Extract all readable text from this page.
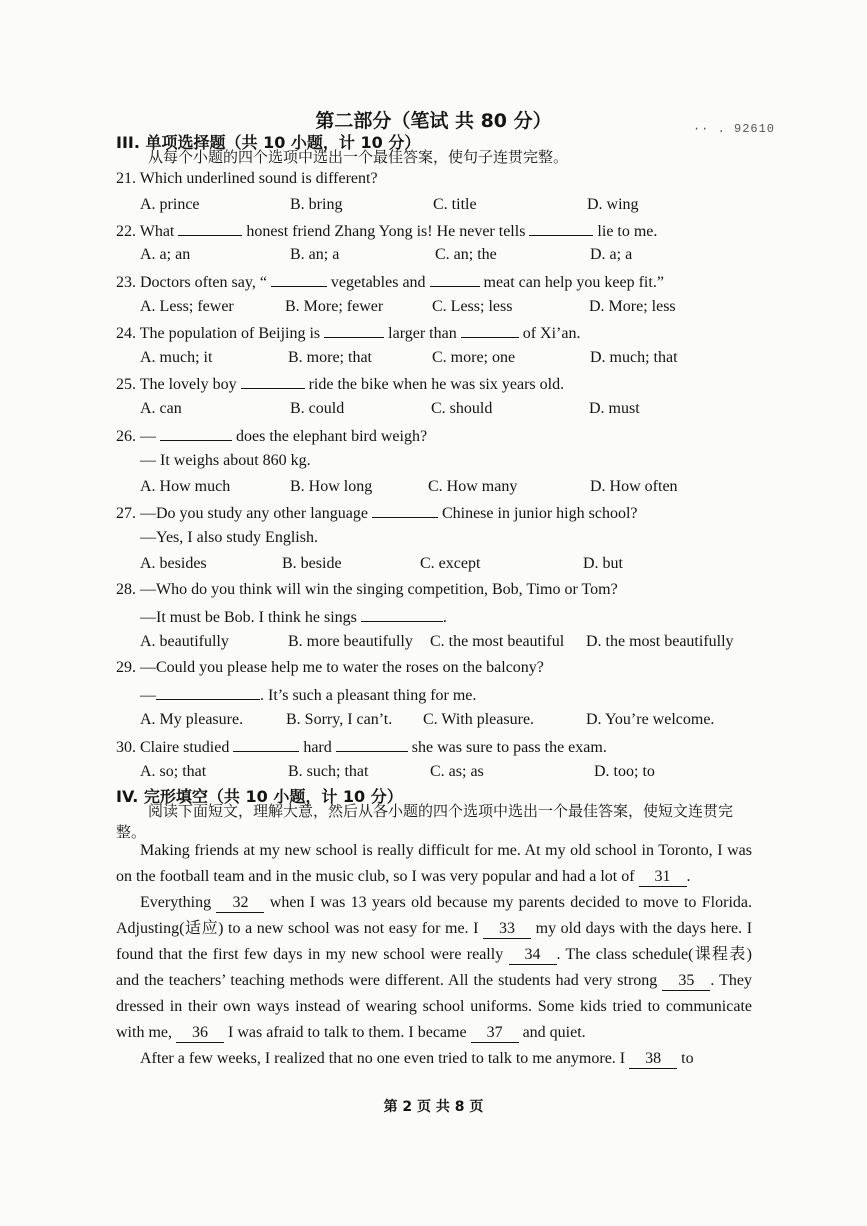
第二部分（笔试 共 80 分）	·· . 92610
III. 单项选择题（共 10 小题，计 10 分）
从每个小题的四个选项中选出一个最佳答案，使句子连贯完整。
21. Which underlined sound is different?
A. prince	B. bring	C. title	D. wing
22. What	honest friend Zhang Yong is! He never tells	lie to me.
A. a; an	B. an; a	C. an; the	D. a; a
23. Doctors often say, “	vegetables and	meat can help you keep fit.”
A. Less; fewer	B. More; fewer	C. Less; less	D. More; less
24. The population of Beijing is	larger than	of Xi’an.
A. much; it	B. more; that	C. more; one	D. much; that
25. The lovely boy	ride the bike when he was six years old.
A. can	B. could	C. should	D. must
26. —	does the elephant bird weigh?
— It weighs about 860 kg.
A. How much	B. How long	C. How many	D. How often
27. —Do you study any other language	Chinese in junior high school?
—Yes, I also study English.
A. besides	B. beside	C. except	D. but
28. —Who do you think will win the singing competition, Bob, Timo or Tom?
—It must be Bob. I think he sings	.
A. beautifully	B. more beautifully C. the most beautiful D. the most beautifully
29. —Could you please help me to water the roses on the balcony?
—	. It’s such a pleasant thing for me.
A. My pleasure.	B. Sorry, I can’t. C. With pleasure.	D. You’re welcome.
30. Claire studied	hard	she was sure to pass the exam.
A. so; that	B. such; that	C. as; as	D. too; to
IV. 完形填空（共 10 小题，计 10 分）
阅读下面短文，理解大意，然后从各小题的四个选项中选出一个最佳答案，使短文连贯完整。
Making friends at my new school is really difficult for me. At my old school in Toronto, I was on the football team and in the music club, so I was very popular and had a lot of 31 .
Everything 32 when I was 13 years old because my parents decided to move to Florida. Adjusting(适应) to a new school was not easy for me. I 33 my old days with the days here. I found that the first few days in my new school were really 34 . The class schedule(课程表) and the teachers’ teaching methods were different. All the students had very strong 35 . They dressed in their own ways instead of wearing school uniforms. Some kids tried to communicate with me, 36 I was afraid to talk to them. I became 37 and quiet.
After a few weeks, I realized that no one even tried to talk to me anymore. I 38 to
第 2 页 共 8 页
